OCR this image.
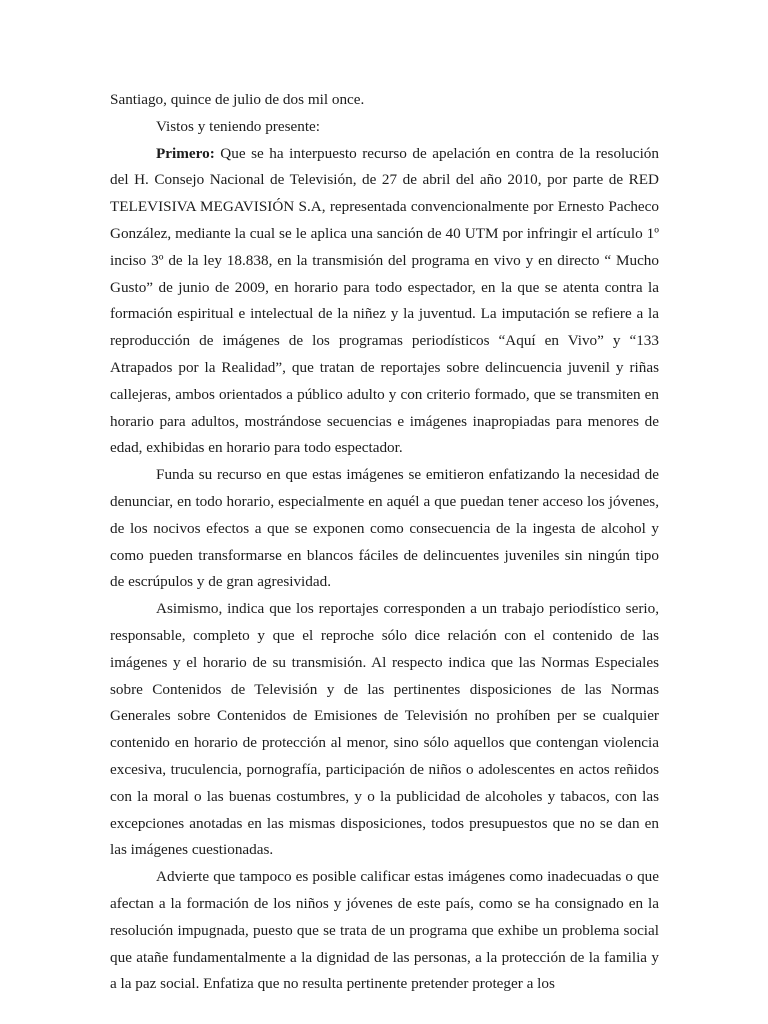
Santiago, quince de julio de dos mil once.

Vistos y teniendo presente:

Primero: Que se ha interpuesto recurso de apelación en contra de la resolución del H. Consejo Nacional de Televisión, de 27 de abril del año 2010, por parte de RED TELEVISIVA MEGAVISIÓN S.A, representada convencionalmente por Ernesto Pacheco González, mediante la cual se le aplica una sanción de 40 UTM por infringir el artículo 1º inciso 3º de la ley 18.838, en la transmisión del programa en vivo y en directo “ Mucho Gusto” de junio de 2009, en horario para todo espectador, en la que se atenta contra la formación espiritual e intelectual de la niñez y la juventud. La imputación se refiere a la reproducción de imágenes de los programas periodísticos “Aquí en Vivo” y “133 Atrapados por la Realidad”, que tratan de reportajes sobre delincuencia juvenil y riñas callejeras, ambos orientados a público adulto y con criterio formado, que se transmiten en horario para adultos, mostrándose secuencias e imágenes inapropiadas para menores de edad, exhibidas en horario para todo espectador.

Funda su recurso en que estas imágenes se emitieron enfatizando la necesidad de denunciar, en todo horario, especialmente en aquél a que puedan tener acceso los jóvenes, de los nocivos efectos a que se exponen como consecuencia de la ingesta de alcohol y como pueden transformarse en blancos fáciles de delincuentes juveniles sin ningún tipo de escrúpulos y de gran agresividad.

Asimismo, indica que los reportajes corresponden a un trabajo periodístico serio, responsable, completo y que el reproche sólo dice relación con el contenido de las imágenes y el horario de su transmisión. Al respecto indica que las Normas Especiales sobre Contenidos de Televisión y de las pertinentes disposiciones de las Normas Generales sobre Contenidos de Emisiones de Televisión no prohíben per se cualquier contenido en horario de protección al menor, sino sólo aquellos que contengan violencia excesiva, truculencia, pornografía, participación de niños o adolescentes en actos reñidos con la moral o las buenas costumbres, y o la publicidad de alcoholes y tabacos, con las excepciones anotadas en las mismas disposiciones, todos presupuestos que no se dan en las imágenes cuestionadas.

Advierte que tampoco es posible calificar estas imágenes como inadecuadas o que afectan a la formación de los niños y jóvenes de este país, como se ha consignado en la resolución impugnada, puesto que se trata de un programa que exhibe un problema social que atañe fundamentalmente a la dignidad de las personas, a la protección de la familia y a la paz social. Enfatiza que no resulta pertinente pretender proteger a los
